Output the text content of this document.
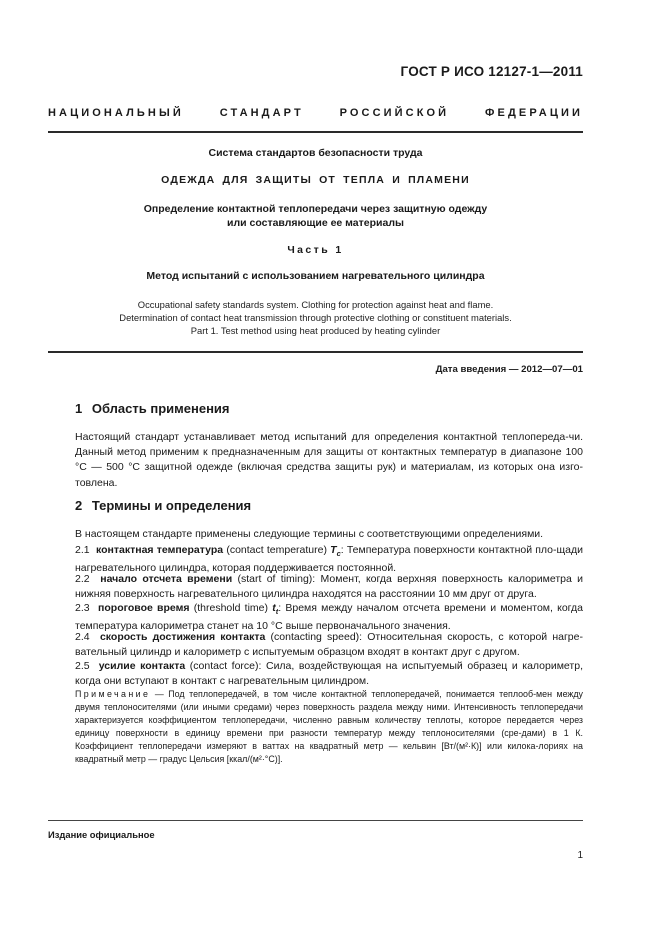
ГОСТ Р ИСО 12127-1—2011
НАЦИОНАЛЬНЫЙ СТАНДАРТ РОССИЙСКОЙ ФЕДЕРАЦИИ
Система стандартов безопасности труда
ОДЕЖДА ДЛЯ ЗАЩИТЫ ОТ ТЕПЛА И ПЛАМЕНИ
Определение контактной теплопередачи через защитную одежду
или составляющие ее материалы
Часть 1
Метод испытаний с использованием нагревательного цилиндра
Occupational safety standards system. Clothing for protection against heat and flame.
Determination of contact heat transmission through protective clothing or constituent materials.
Part 1. Test method using heat produced by heating cylinder
Дата введения — 2012—07—01
1 Область применения
Настоящий стандарт устанавливает метод испытаний для определения контактной теплопереда-чи. Данный метод применим к предназначенным для защиты от контактных температур в диапазоне 100 °С — 500 °С защитной одежде (включая средства защиты рук) и материалам, из которых она изго-товлена.
2 Термины и определения
В настоящем стандарте применены следующие термины с соответствующими определениями.
2.1 контактная температура (contact temperature) $T_c$: Температура поверхности контактной пло-щади нагревательного цилиндра, которая поддерживается постоянной.
2.2 начало отсчета времени (start of timing): Момент, когда верхняя поверхность калориметра и нижняя поверхность нагревательного цилиндра находятся на расстоянии 10 мм друг от друга.
2.3 пороговое время (threshold time) $t_t$: Время между началом отсчета времени и моментом, когда температура калориметра станет на 10 °С выше первоначального значения.
2.4 скорость достижения контакта (contacting speed): Относительная скорость, с которой нагре-вательный цилиндр и калориметр с испытуемым образцом входят в контакт друг с другом.
2.5 усилие контакта (contact force): Сила, воздействующая на испытуемый образец и калориметр, когда они вступают в контакт с нагревательным цилиндром.
Примечание — Под теплопередачей, в том числе контактной теплопередачей, понимается теплооб-мен между двумя теплоносителями (или иными средами) через поверхность раздела между ними. Интенсивность теплопередачи характеризуется коэффициентом теплопередачи, численно равным количеству теплоты, которое передается через единицу поверхности в единицу времени при разности температур между теплоносителями (сре-дами) в 1 К. Коэффициент теплопередачи измеряют в ваттах на квадратный метр — кельвин [Вт/(м²·К)] или килока-лориях на квадратный метр — градус Цельсия [ккал/(м²·°С)].
Издание официальное
1
